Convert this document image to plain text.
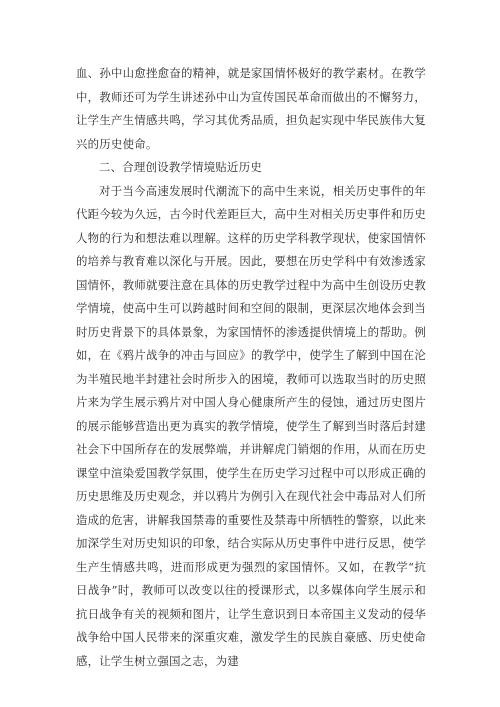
血、孙中山愈挫愈奋的精神，就是家国情怀极好的教学素材。在教学中，教师还可为学生讲述孙中山为宣传国民革命而做出的不懈努力，让学生产生情感共鸣，学习其优秀品质，担负起实现中华民族伟大复兴的历史使命。

二、合理创设教学情境贴近历史

对于当今高速发展时代潮流下的高中生来说，相关历史事件的年代距今较为久远，古今时代差距巨大，高中生对相关历史事件和历史人物的行为和想法难以理解。这样的历史学科教学现状，使家国情怀的培养与教育难以深化与开展。因此，要想在历史学科中有效渗透家国情怀，教师就要注意在具体的历史教学过程中为高中生创设历史教学情境，使高中生可以跨越时间和空间的限制，更深层次地体会到当时历史背景下的具体景象，为家国情怀的渗透提供情境上的帮助。例如，在《鸦片战争的冲击与回应》的教学中，使学生了解到中国在沦为半殖民地半封建社会时所步入的困境，教师可以选取当时的历史照片来为学生展示鸦片对中国人身心健康所产生的侵蚀，通过历史图片的展示能够营造出更为真实的教学情境，使学生了解到当时落后封建社会下中国所存在的发展弊端，并讲解虎门销烟的作用，从而在历史课堂中渲染爱国教学氛围，使学生在历史学习过程中可以形成正确的历史思维及历史观念，并以鸦片为例引入在现代社会中毒品对人们所造成的危害，讲解我国禁毒的重要性及禁毒中所牺牲的警察，以此来加深学生对历史知识的印象，结合实际从历史事件中进行反思，使学生产生情感共鸣，进而形成更为强烈的家国情怀。又如，在教学“抗日战争”时，教师可以改变以往的授课形式，以多媒体向学生展示和抗日战争有关的视频和图片，让学生意识到日本帝国主义发动的侵华战争给中国人民带来的深重灾难，激发学生的民族自豪感、历史使命感，让学生树立强国之志，为建
